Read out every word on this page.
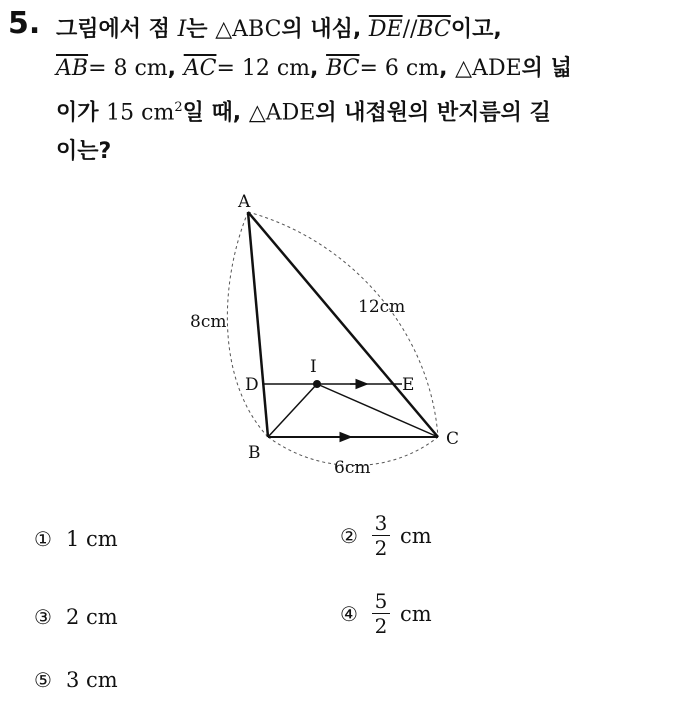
5. 그림에서 점 I는 △ABC의 내심, $\overline{DE}//\overline{BC}$이고,
$\overline{AB}= 8$ cm, $\overline{AC}= 12$ cm, $\overline{BC}= 6$ cm, △ADE의 넓
이가 15 $cm^2$일 때, △ADE의 내접원의 반지름의 길
이는?
A
B
C
D	E
I
8cm
12cm
6cm
① 1 cm	② $\frac{3}{2}$ cm
③ 2 cm	④ $\frac{5}{2}$ cm
⑤ 3 cm
